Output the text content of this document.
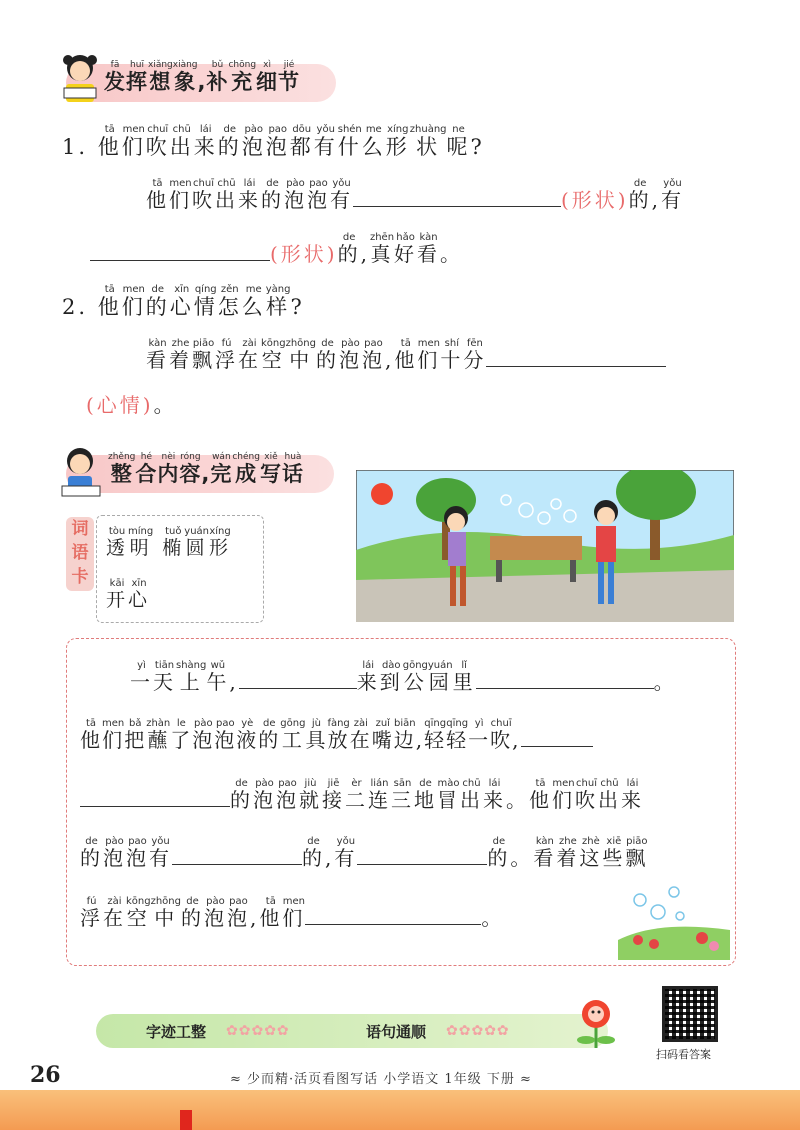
发fā挥huī想xiǎng象xiàng, 补bǔ充chōng细xì节jié
1. 他tā们men吹chuī出chū来lái的de泡pào泡pao都dōu有yǒu什shén么me形xíng状zhuàng呢ne?
他tā们men吹chuī出chū来lái的de泡pào泡pao有yǒu(形状)的de, 有yǒu
(形状)的de, 真zhēn好hǎo看kàn。
2. 他tā们men的de心xīn情qíng怎zěn么me样yàng?
看kàn着zhe飘piāo浮fú在zài空kōng中zhōng的de泡pào泡pao, 他tā们men十shí分fēn
(心情)。
整zhěng合hé内nèi容róng, 完wán成chéng写xiě话huà
词语卡
透tòu明míng  椭tuǒ圆yuán形xíng
开kāi心xīn
一yì天tiān上shàng午wǔ,	来lái到dào公gōng园yuán里lǐ。
他tā们men把bǎ蘸zhàn了le泡pào泡pao液yè的de工gōng具jù放fàng在zài嘴zuǐ边biān, 轻qīng轻qīng一yì吹chuī,
的de泡pào泡pao就jiù接jiē二èr连lián三sān地de冒mào出chū来lái。 他tā们men吹chuī出chū来lái
的de泡pào泡pao有yǒu的de, 有yǒu的de。 看kàn着zhe这zhè些xiē飘piāo
浮fú在zài空kōng中zhōng的de泡pào泡pao, 他tā们men。
字迹工整 ✿✿✿✿✿	语句通顺 ✿✿✿✿✿
扫码看答案
26	≈ 少而精·活页看图写话 小学语文 1年级 下册 ≈
